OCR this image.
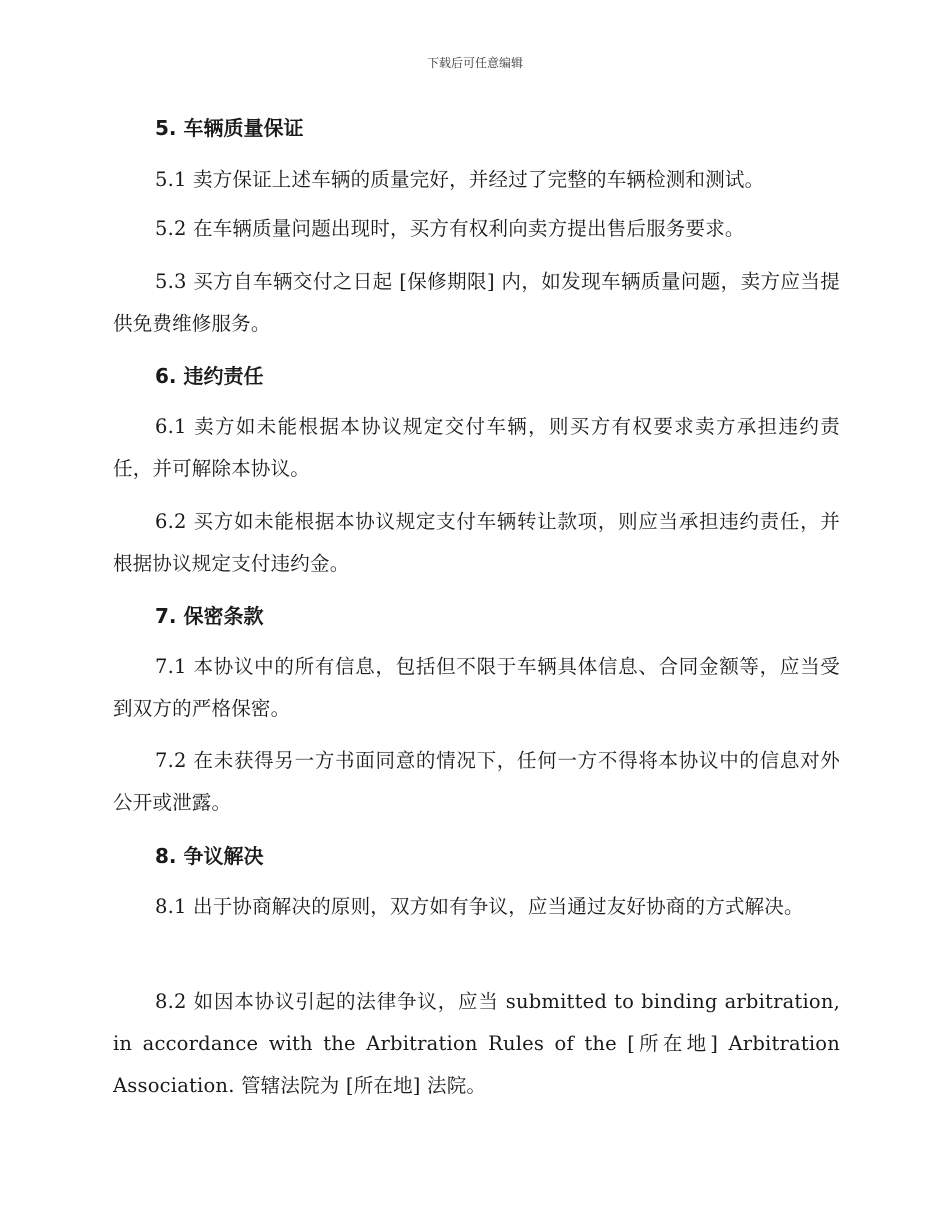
下载后可任意编辑
5. 车辆质量保证

5.1 卖方保证上述车辆的质量完好，并经过了完整的车辆检测和测试。

5.2 在车辆质量问题出现时，买方有权利向卖方提出售后服务要求。

5.3 买方自车辆交付之日起 [保修期限] 内，如发现车辆质量问题，卖方应当提供免费维修服务。

6. 违约责任

6.1 卖方如未能根据本协议规定交付车辆，则买方有权要求卖方承担违约责任，并可解除本协议。

6.2 买方如未能根据本协议规定支付车辆转让款项，则应当承担违约责任，并根据协议规定支付违约金。

7. 保密条款

7.1 本协议中的所有信息，包括但不限于车辆具体信息、合同金额等，应当受到双方的严格保密。

7.2 在未获得另一方书面同意的情况下，任何一方不得将本协议中的信息对外公开或泄露。

8. 争议解决

8.1 出于协商解决的原则，双方如有争议，应当通过友好协商的方式解决。

8.2 如因本协议引起的法律争议，应当 submitted to binding arbitration, in accordance with the Arbitration Rules of the [所在地] Arbitration Association. 管辖法院为 [所在地] 法院。
